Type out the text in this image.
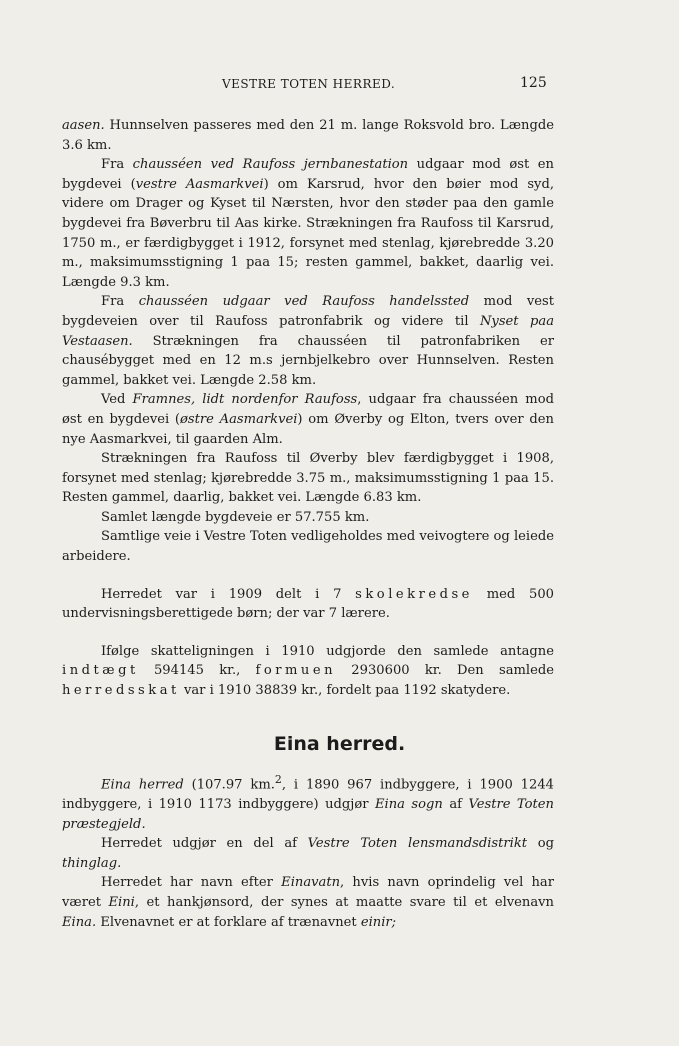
VESTRE TOTEN HERRED.	125

aasen. Hunnselven passeres med den 21 m. lange Roksvold bro. Længde 3.6 km.

Fra chausséen ved Raufoss jernbanestation udgaar mod øst en bygdevei (vestre Aasmarkvei) om Karsrud, hvor den bøier mod syd, videre om Drager og Kyset til Nærsten, hvor den støder paa den gamle bygdevei fra Bøverbru til Aas kirke. Strækningen fra Raufoss til Karsrud, 1750 m., er færdigbygget i 1912, forsynet med stenlag, kjørebredde 3.20 m., maksimumsstigning 1 paa 15; resten gammel, bakket, daarlig vei. Længde 9.3 km.

Fra chausséen udgaar ved Raufoss handelssted mod vest bygdeveien over til Raufoss patronfabrik og videre til Nyset paa Vestaasen. Strækningen fra chausséen til patronfabriken er chausébygget med en 12 m.s jernbjelkebro over Hunnselven. Resten gammel, bakket vei. Længde 2.58 km.

Ved Framnes, lidt nordenfor Raufoss, udgaar fra chausséen mod øst en bygdevei (østre Aasmarkvei) om Øverby og Elton, tvers over den nye Aasmarkvei, til gaarden Alm.

Strækningen fra Raufoss til Øverby blev færdigbygget i 1908, forsynet med stenlag; kjørebredde 3.75 m., maksimumsstigning 1 paa 15. Resten gammel, daarlig, bakket vei. Længde 6.83 km.

Samlet længde bygdeveie er 57.755 km.

Samtlige veie i Vestre Toten vedligeholdes med veivogtere og leiede arbeidere.

Herredet var i 1909 delt i 7 skolekredse med 500 undervisningsberettigede børn; der var 7 lærere.

Ifølge skatteligningen i 1910 udgjorde den samlede antagne indtægt 594145 kr., formuen 2930600 kr. Den samlede herredsskat var i 1910 38839 kr., fordelt paa 1192 skatydere.

Eina herred.

Eina herred (107.97 km.$^2$, i 1890 967 indbyggere, i 1900 1244 indbyggere, i 1910 1173 indbyggere) udgjør Eina sogn af Vestre Toten præstegjeld.

Herredet udgjør en del af Vestre Toten lensmandsdistrikt og thinglag.

Herredet har navn efter Einavatn, hvis navn oprindelig vel har været Eini, et hankjønsord, der synes at maatte svare til et elvenavn Eina. Elvenavnet er at forklare af trænavnet einir;
